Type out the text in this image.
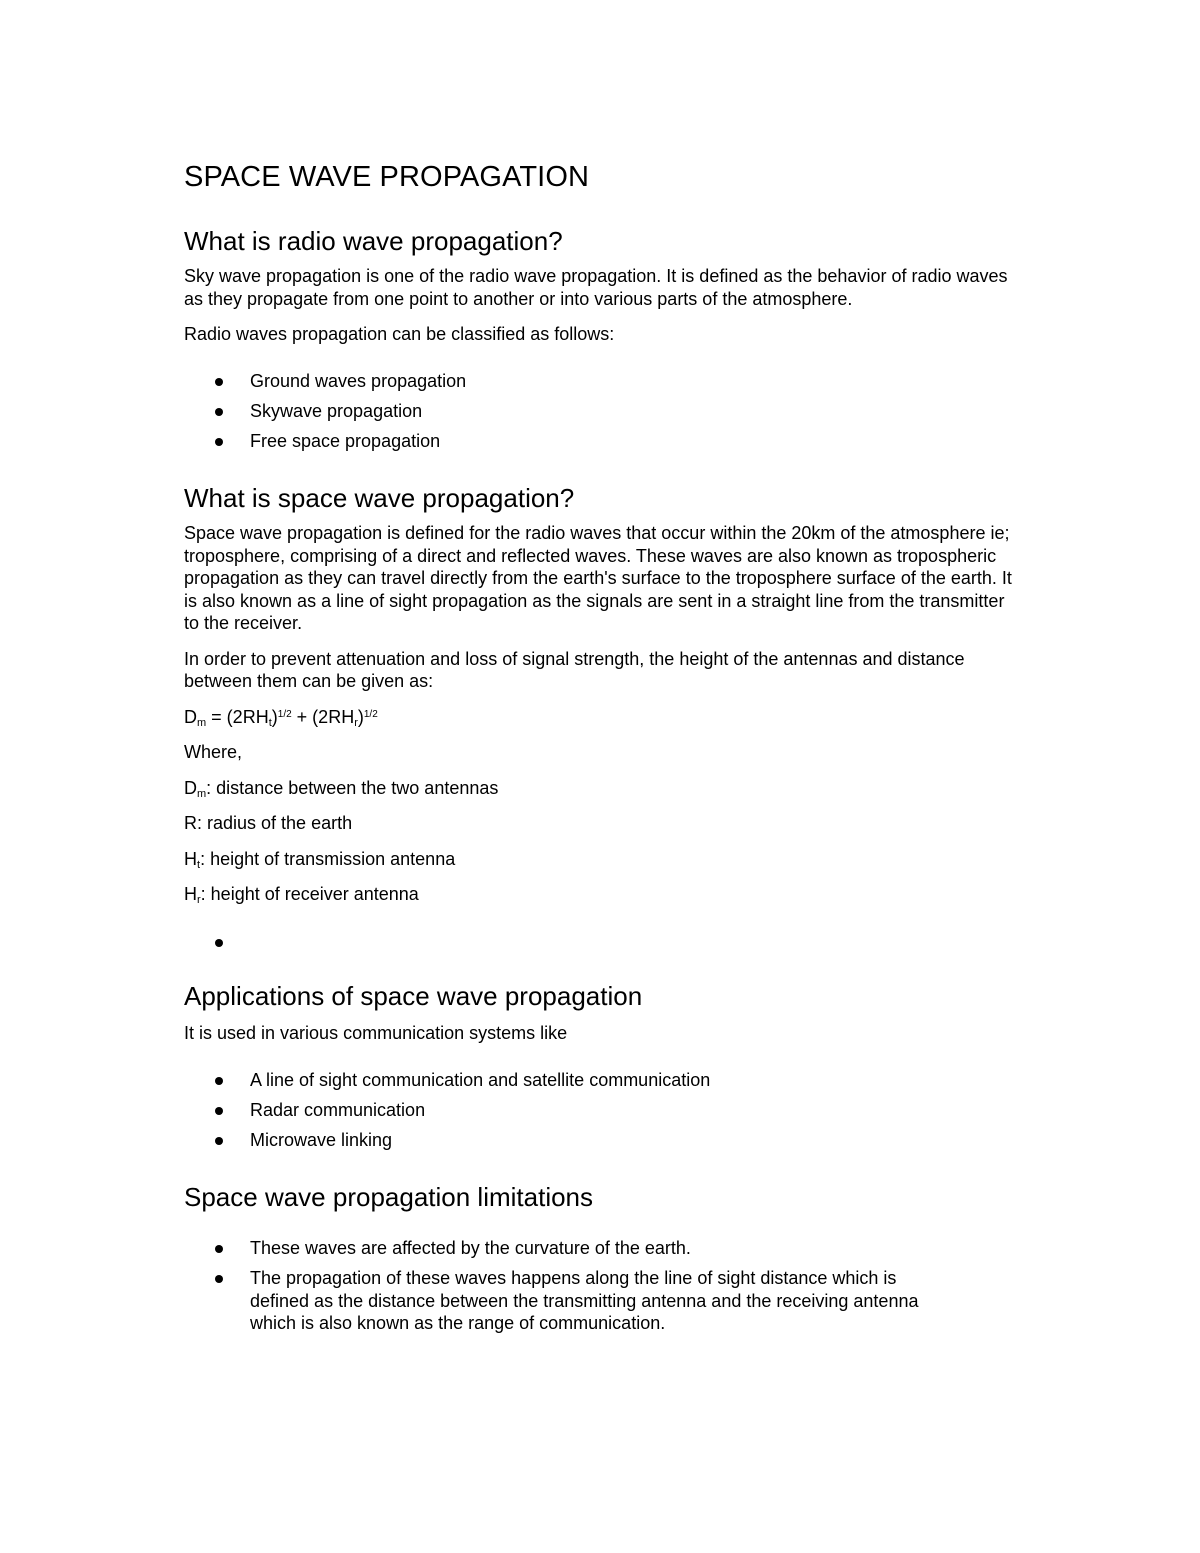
SPACE WAVE PROPAGATION
What is radio wave propagation?

Sky wave propagation is one of the radio wave propagation. It is defined as the behavior of radio waves as they propagate from one point to another or into various parts of the atmosphere.

Radio waves propagation can be classified as follows:

Ground waves propagation
Skywave propagation
Free space propagation
What is space wave propagation?

Space wave propagation is defined for the radio waves that occur within the 20km of the atmosphere ie; troposphere, comprising of a direct and reflected waves. These waves are also known as tropospheric propagation as they can travel directly from the earth's surface to the troposphere surface of the earth. It is also known as a line of sight propagation as the signals are sent in a straight line from the transmitter to the receiver.

In order to prevent attenuation and loss of signal strength, the height of the antennas and distance between them can be given as:

$D_m = (2RH_t)^{1/2} + (2RH_r)^{1/2}$

Where,

$D_m$: distance between the two antennas

R: radius of the earth

$H_t$: height of transmission antenna

$H_r$: height of receiver antenna

Applications of space wave propagation

It is used in various communication systems like

A line of sight communication and satellite communication
Radar communication
Microwave linking
Space wave propagation limitations
These waves are affected by the curvature of the earth.
The propagation of these waves happens along the line of sight distance which is defined as the distance between the transmitting antenna and the receiving antenna which is also known as the range of communication.
